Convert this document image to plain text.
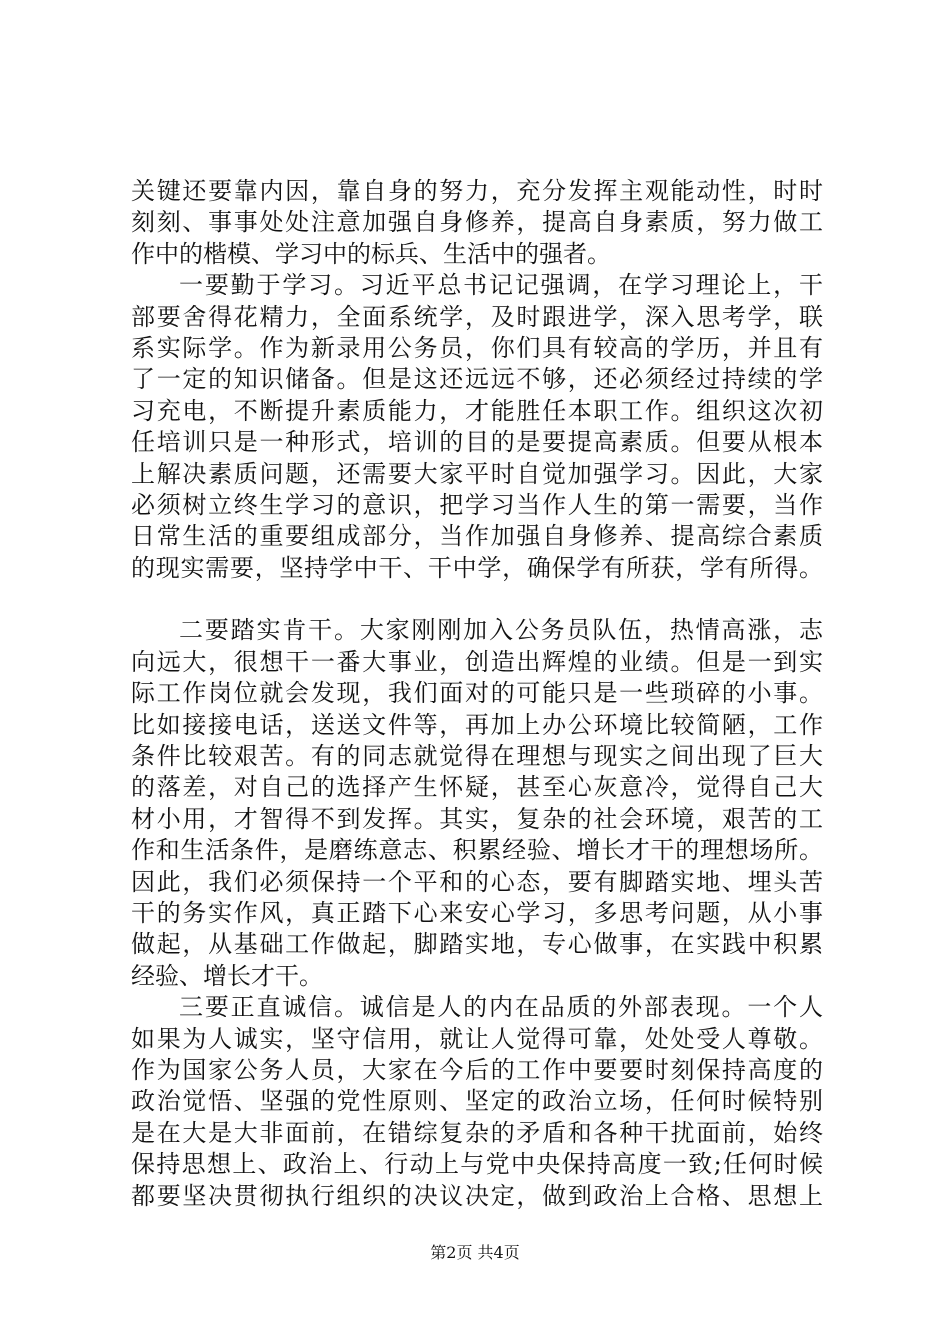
关键还要靠内因，靠自身的努力，充分发挥主观能动性，时时
刻刻、事事处处注意加强自身修养，提高自身素质，努力做工
作中的楷模、学习中的标兵、生活中的强者。
一要勤于学习。习近平总书记记强调，在学习理论上，干
部要舍得花精力，全面系统学，及时跟进学，深入思考学，联
系实际学。作为新录用公务员，你们具有较高的学历，并且有
了一定的知识储备。但是这还远远不够，还必须经过持续的学
习充电，不断提升素质能力，才能胜任本职工作。组织这次初
任培训只是一种形式，培训的目的是要提高素质。但要从根本
上解决素质问题，还需要大家平时自觉加强学习。因此，大家
必须树立终生学习的意识，把学习当作人生的第一需要，当作
日常生活的重要组成部分，当作加强自身修养、提高综合素质
的现实需要，坚持学中干、干中学，确保学有所获，学有所得。
二要踏实肯干。大家刚刚加入公务员队伍，热情高涨，志
向远大，很想干一番大事业，创造出辉煌的业绩。但是一到实
际工作岗位就会发现，我们面对的可能只是一些琐碎的小事。
比如接接电话，送送文件等，再加上办公环境比较简陋，工作
条件比较艰苦。有的同志就觉得在理想与现实之间出现了巨大
的落差，对自己的选择产生怀疑，甚至心灰意冷，觉得自己大
材小用，才智得不到发挥。其实，复杂的社会环境，艰苦的工
作和生活条件，是磨练意志、积累经验、增长才干的理想场所。
因此，我们必须保持一个平和的心态，要有脚踏实地、埋头苦
干的务实作风，真正踏下心来安心学习，多思考问题，从小事
做起，从基础工作做起，脚踏实地，专心做事，在实践中积累
经验、增长才干。
三要正直诚信。诚信是人的内在品质的外部表现。一个人
如果为人诚实，坚守信用，就让人觉得可靠，处处受人尊敬。
作为国家公务人员，大家在今后的工作中要要时刻保持高度的
政治觉悟、坚强的党性原则、坚定的政治立场，任何时候特别
是在大是大非面前，在错综复杂的矛盾和各种干扰面前，始终
保持思想上、政治上、行动上与党中央保持高度一致;任何时候
都要坚决贯彻执行组织的决议决定，做到政治上合格、思想上
第2页 共4页
